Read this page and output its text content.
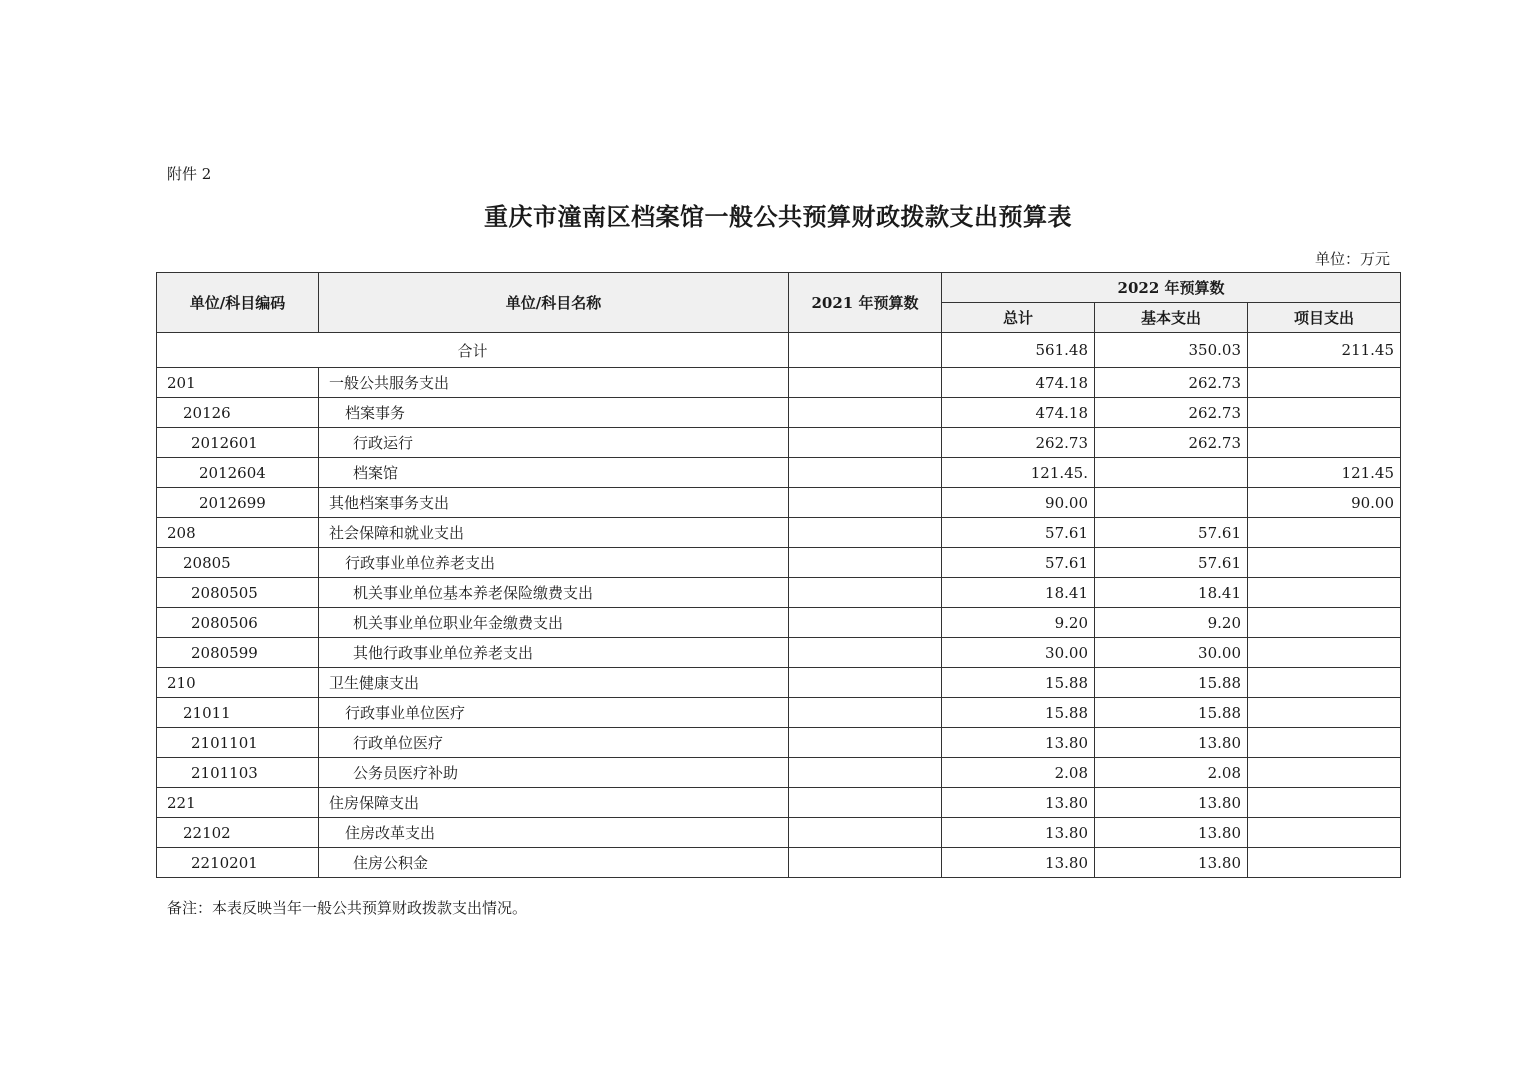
附件 2
重庆市潼南区档案馆一般公共预算财政拨款支出预算表
单位：万元
单位/科目编码	单位/科目名称	2021 年预算数	2022 年预算数		
			总计	基本支出	项目支出
合计			561.48	350.03	211.45
201	一般公共服务支出		474.18	262.73	
20126	档案事务		474.18	262.73	
2012601	行政运行		262.73	262.73	
2012604	档案馆		121.45.		121.45
2012699	其他档案事务支出		90.00		90.00
208	社会保障和就业支出		57.61	57.61	
20805	行政事业单位养老支出		57.61	57.61	
2080505	机关事业单位基本养老保险缴费支出		18.41	18.41	
2080506	机关事业单位职业年金缴费支出		9.20	9.20	
2080599	其他行政事业单位养老支出		30.00	30.00	
210	卫生健康支出		15.88	15.88	
21011	行政事业单位医疗		15.88	15.88	
2101101	行政单位医疗		13.80	13.80	
2101103	公务员医疗补助		2.08	2.08	
221	住房保障支出		13.80	13.80	
22102	住房改革支出		13.80	13.80	
2210201	住房公积金		13.80	13.80	
备注：本表反映当年一般公共预算财政拨款支出情况。
